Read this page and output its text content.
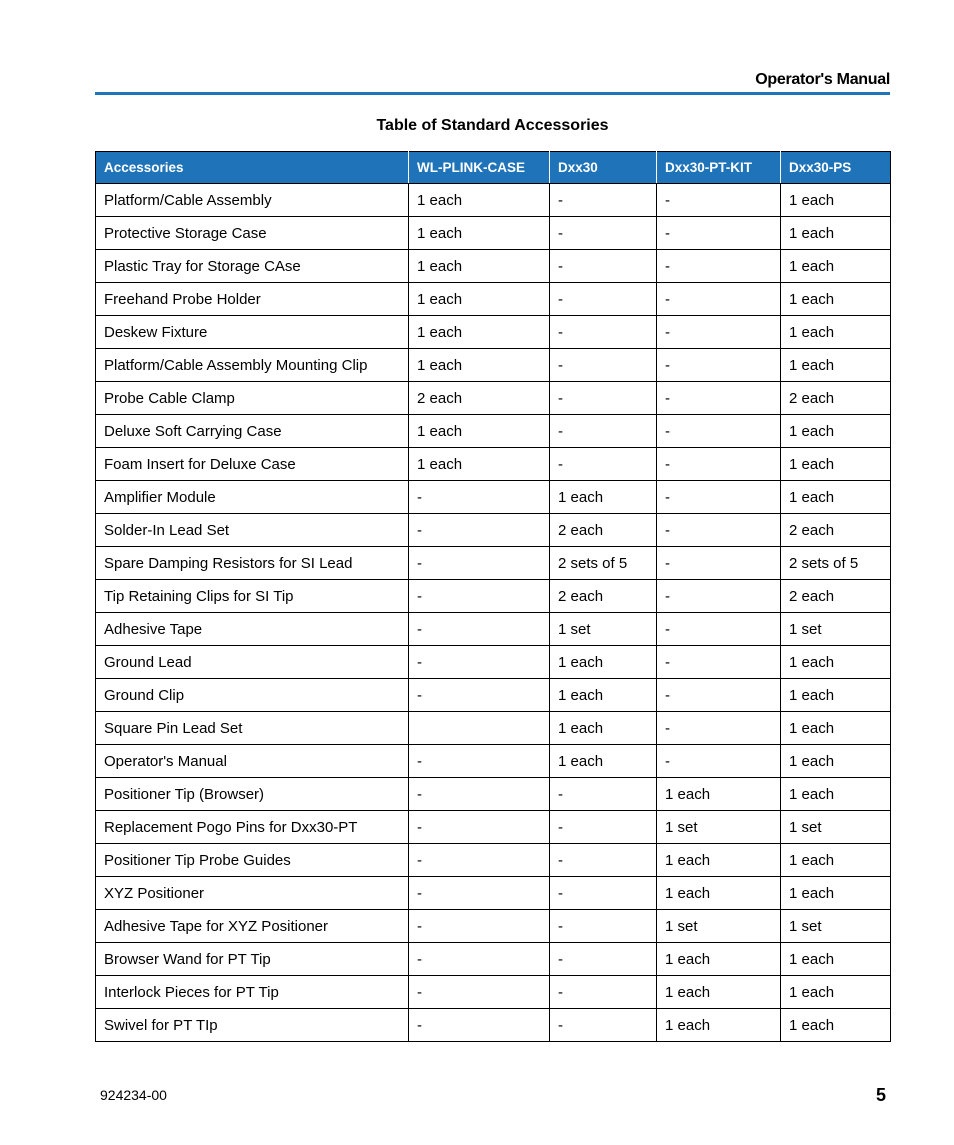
Operator's Manual
Table of Standard Accessories
Accessories	WL-PLINK-CASE	Dxx30	Dxx30-PT-KIT	Dxx30-PS
Platform/Cable Assembly	1 each	-	-	1 each
Protective Storage Case	1 each	-	-	1 each
Plastic Tray for Storage CAse	1 each	-	-	1 each
Freehand Probe Holder	1 each	-	-	1 each
Deskew Fixture	1 each	-	-	1 each
Platform/Cable Assembly Mounting Clip	1 each	-	-	1 each
Probe Cable Clamp	2 each	-	-	2 each
Deluxe Soft Carrying Case	1 each	-	-	1 each
Foam Insert for Deluxe Case	1 each	-	-	1 each
Amplifier Module	-	1 each	-	1 each
Solder-In Lead Set	-	2 each	-	2 each
Spare Damping Resistors for SI Lead	-	2 sets of 5	-	2 sets of 5
Tip Retaining Clips for SI Tip	-	2 each	-	2 each
Adhesive Tape	-	1 set	-	1 set
Ground Lead	-	1 each	-	1 each
Ground Clip	-	1 each	-	1 each
Square Pin Lead Set		1 each	-	1 each
Operator's Manual	-	1 each	-	1 each
Positioner Tip (Browser)	-	-	1 each	1 each
Replacement Pogo Pins for Dxx30-PT	-	-	1 set	1 set
Positioner Tip Probe Guides	-	-	1 each	1 each
XYZ Positioner	-	-	1 each	1 each
Adhesive Tape for XYZ Positioner	-	-	1 set	1 set
Browser Wand for PT Tip	-	-	1 each	1 each
Interlock Pieces for PT Tip	-	-	1 each	1 each
Swivel for PT TIp	-	-	1 each	1 each
924234-00	5
